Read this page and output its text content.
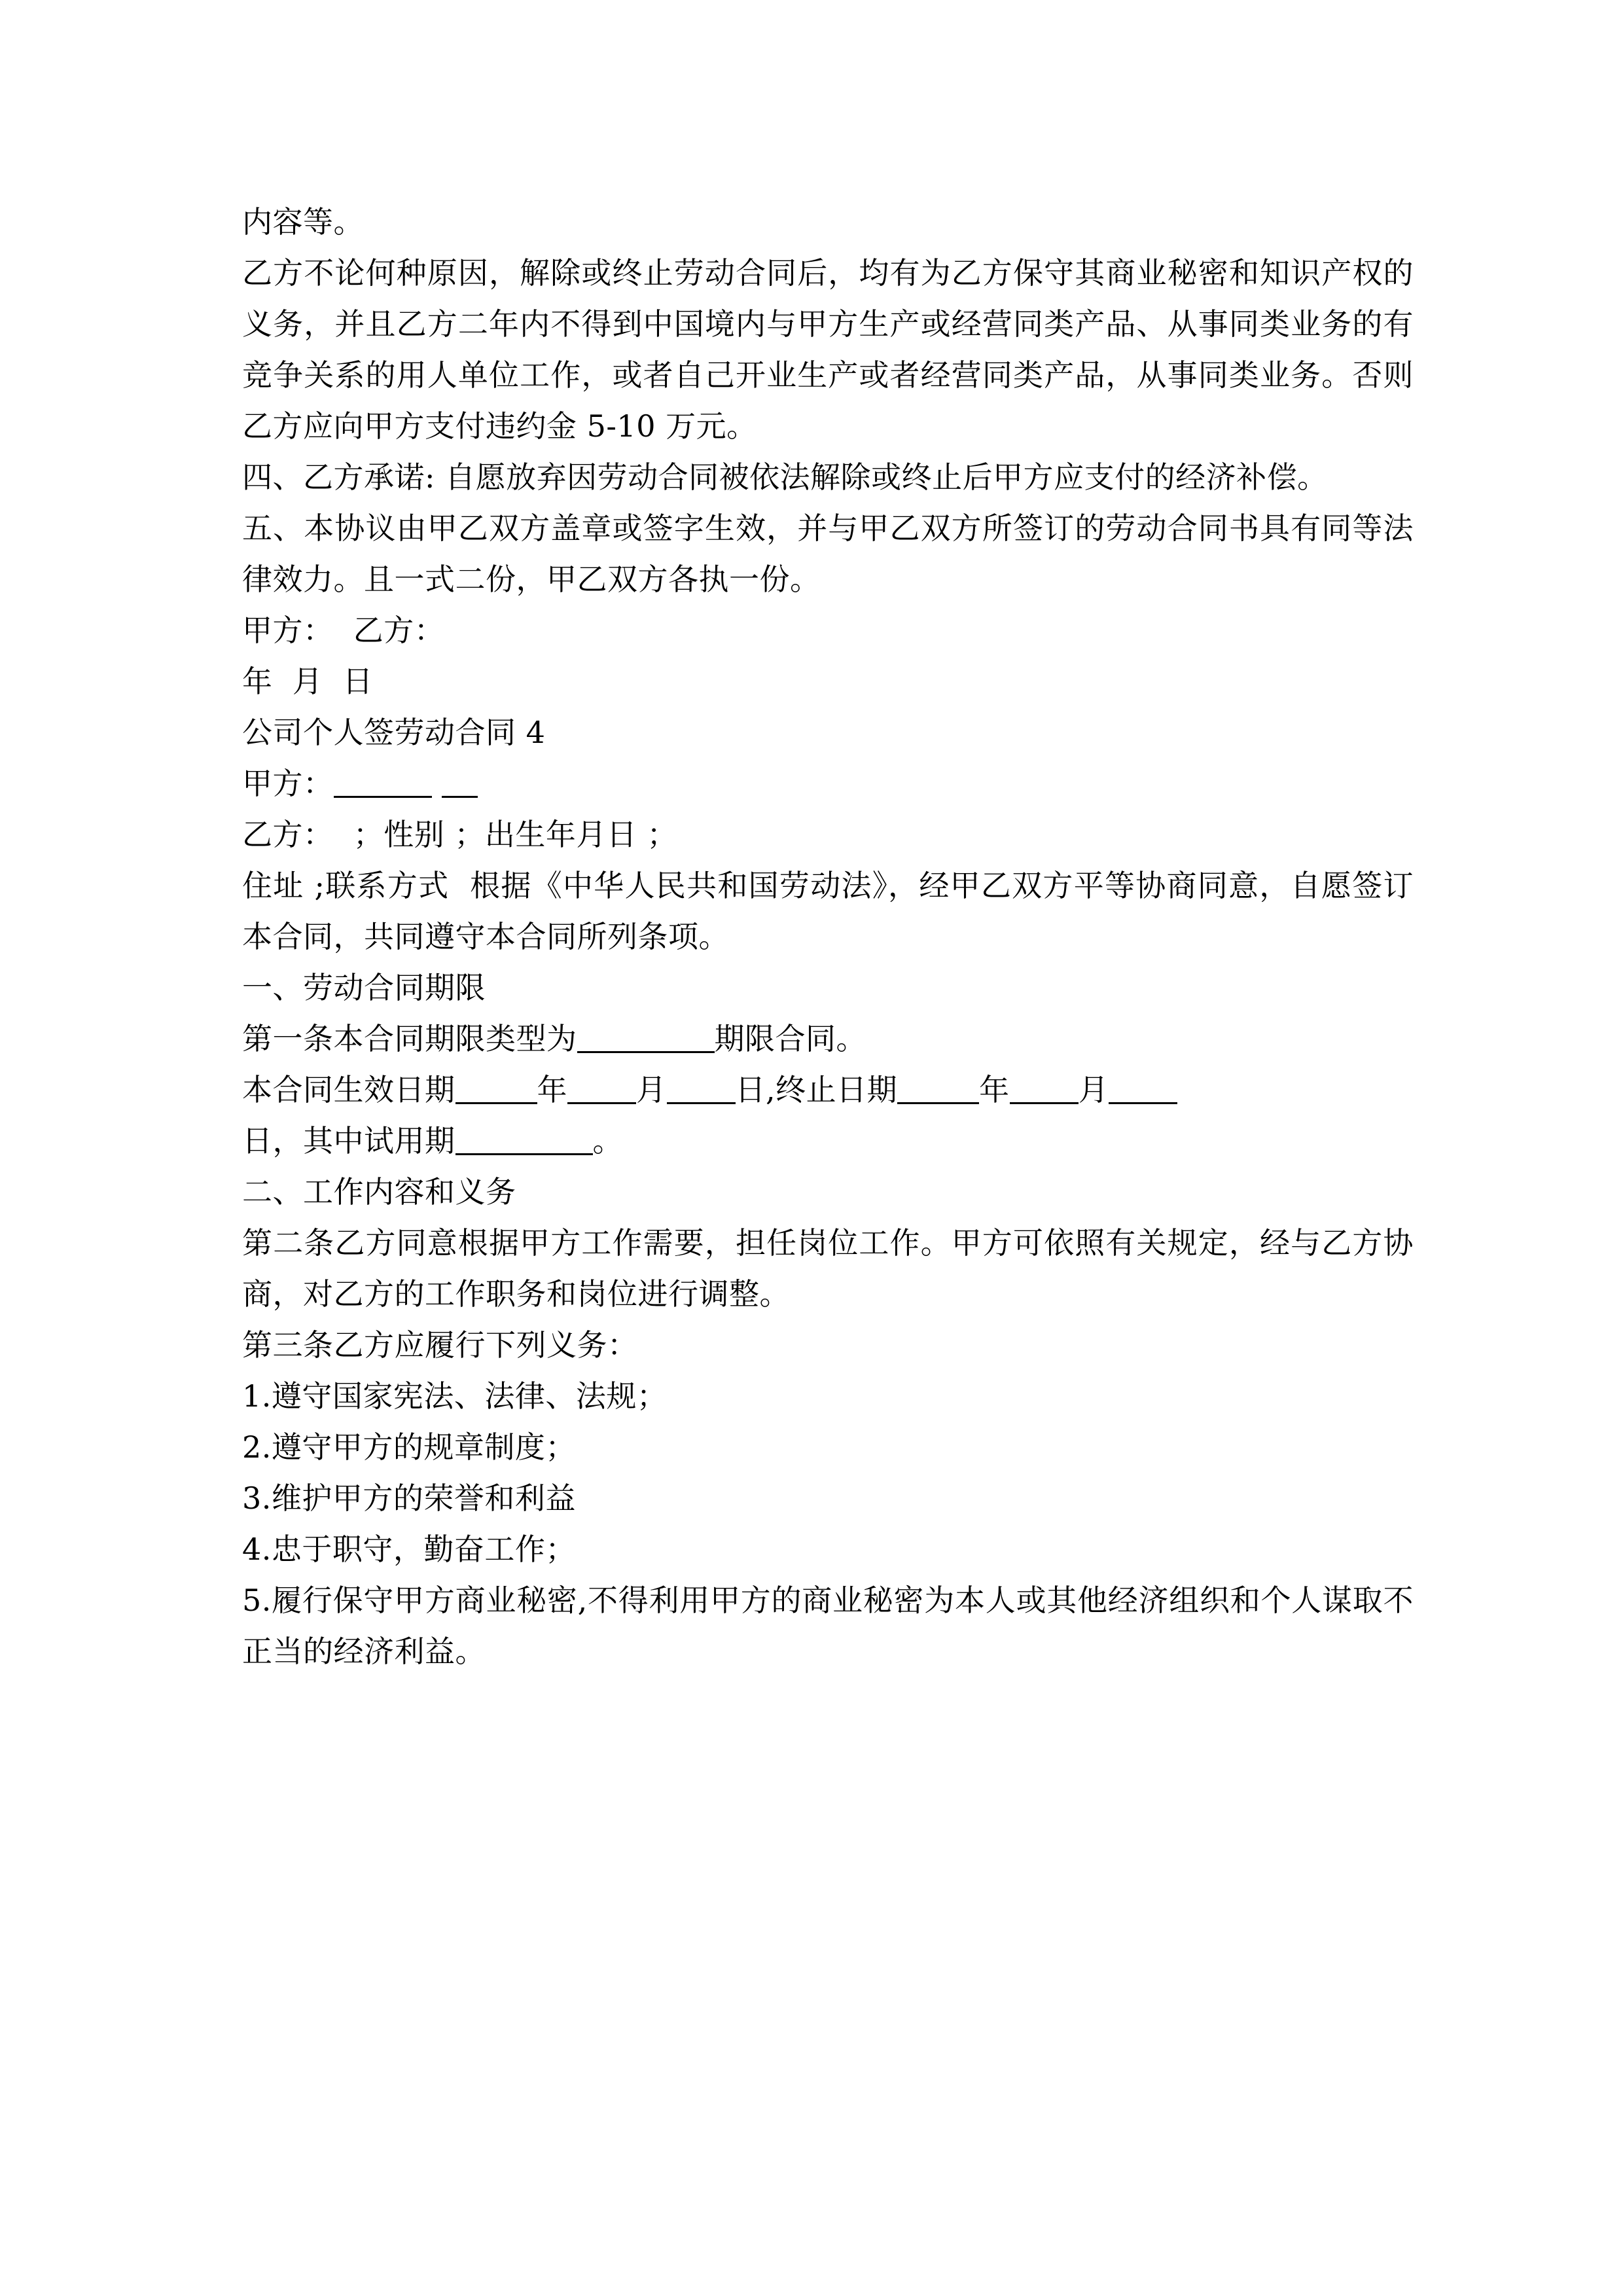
内容等。

乙方不论何种原因，解除或终止劳动合同后，均有为乙方保守其商业秘密和知识产权的义务，并且乙方二年内不得到中国境内与甲方生产或经营同类产品、从事同类业务的有竞争关系的用人单位工作，或者自己开业生产或者经营同类产品，从事同类业务。否则乙方应向甲方支付违约金 5-10 万元。

四、乙方承诺: 自愿放弃因劳动合同被依法解除或终止后甲方应支付的经济补偿。

五、本协议由甲乙双方盖章或签字生效，并与甲乙双方所签订的劳动合同书具有同等法律效力。且一式二份，甲乙双方各执一份。

甲方：  乙方：

年  月  日

公司个人签劳动合同 4

甲方：

乙方：  ；性别 ；出生年月日 ；

住址 ;联系方式  根据《中华人民共和国劳动法》，经甲乙双方平等协商同意，自愿签订本合同，共同遵守本合同所列条项。

一、劳动合同期限

第一条本合同期限类型为	期限合同。

本合同生效日期	年 月 日,终止日期	年 月

日，其中试用期	。

二、工作内容和义务

第二条乙方同意根据甲方工作需要，担任岗位工作。甲方可依照有关规定，经与乙方协商，对乙方的工作职务和岗位进行调整。

第三条乙方应履行下列义务：

1.遵守国家宪法、法律、法规；

2.遵守甲方的规章制度；

3.维护甲方的荣誉和利益

4.忠于职守，勤奋工作；

5.履行保守甲方商业秘密,不得利用甲方的商业秘密为本人或其他经济组织和个人谋取不正当的经济利益。
